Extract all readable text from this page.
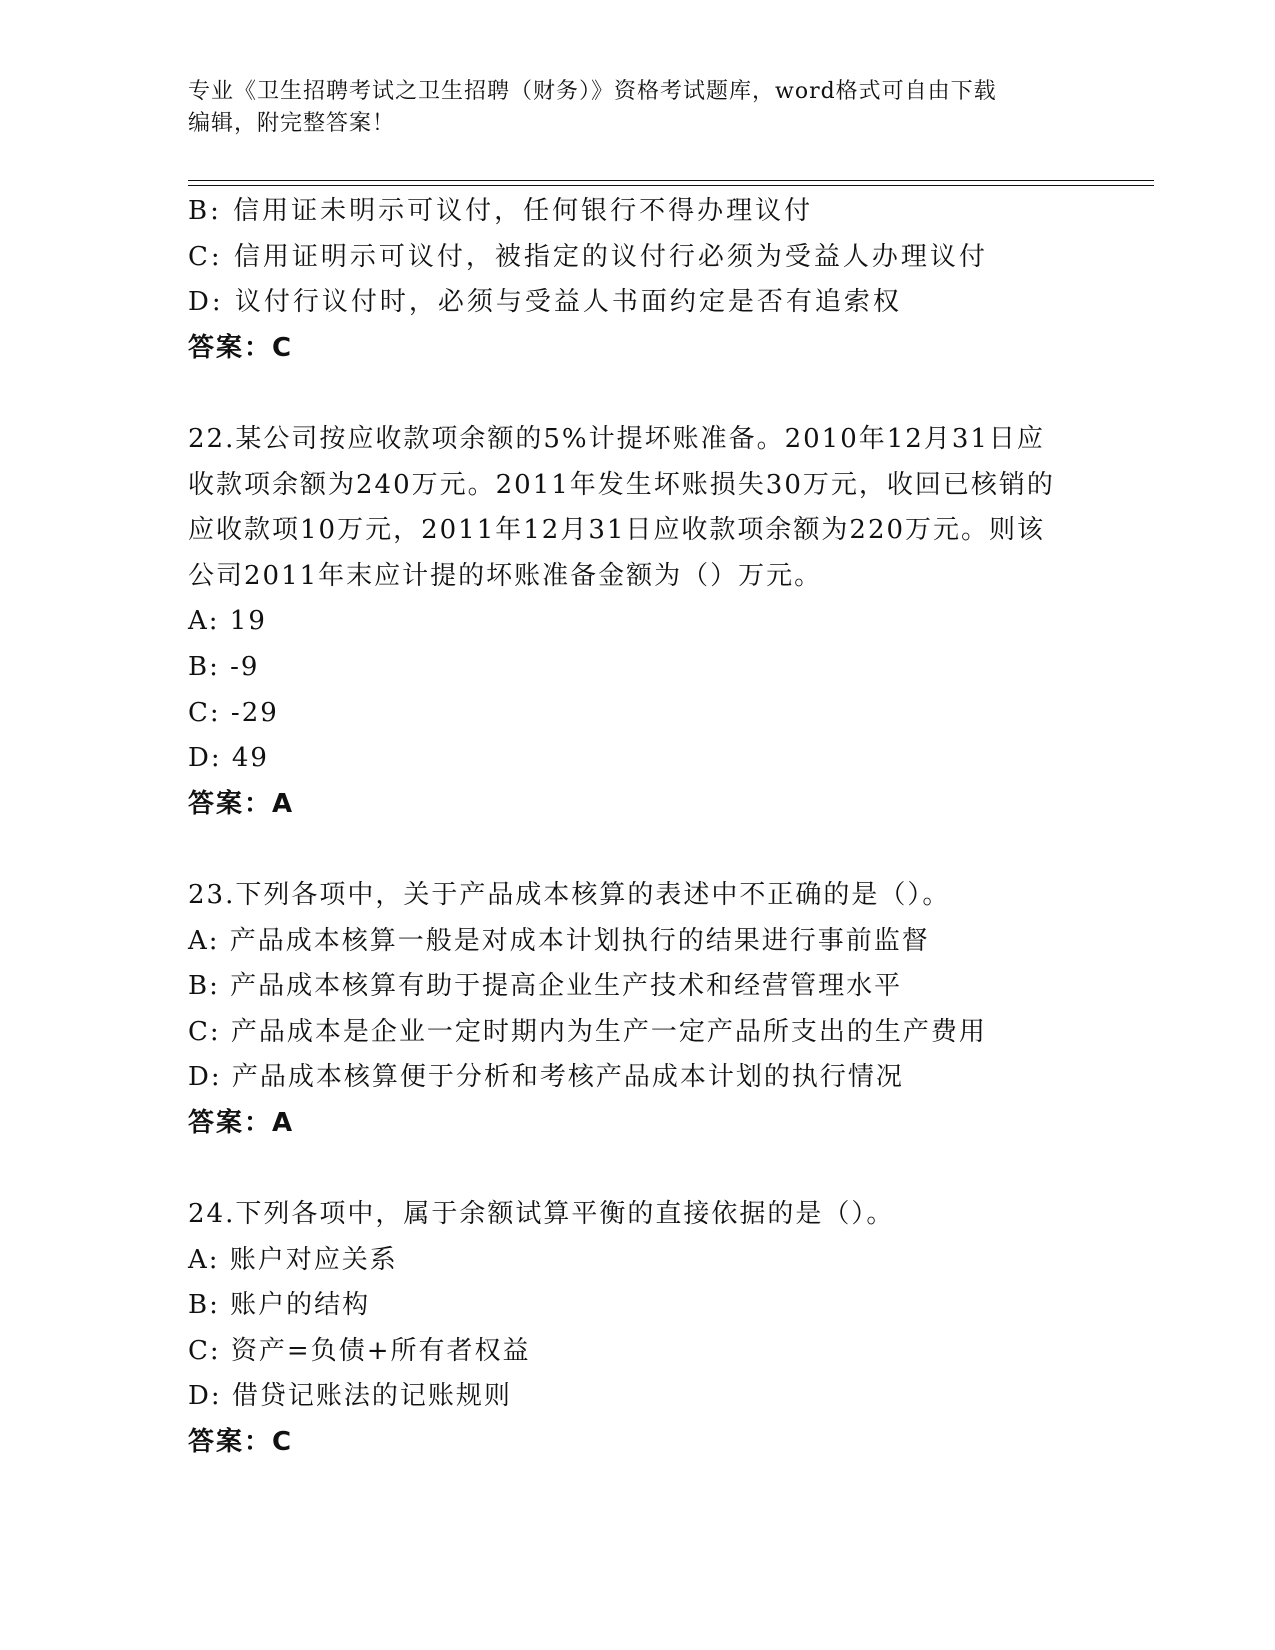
专业《卫生招聘考试之卫生招聘（财务）》资格考试题库，word格式可自由下载
编辑，附完整答案！
B: 信用证未明示可议付，任何银行不得办理议付
C: 信用证明示可议付，被指定的议付行必须为受益人办理议付
D: 议付行议付时，必须与受益人书面约定是否有追索权
答案：C
22.某公司按应收款项余额的5%计提坏账准备。2010年12月31日应
收款项余额为240万元。2011年发生坏账损失30万元，收回已核销的
应收款项10万元，2011年12月31日应收款项余额为220万元。则该
公司2011年末应计提的坏账准备金额为（）万元。
A: 19
B: -9
C: -29
D: 49
答案：A
23.下列各项中，关于产品成本核算的表述中不正确的是（）。
A: 产品成本核算一般是对成本计划执行的结果进行事前监督
B: 产品成本核算有助于提高企业生产技术和经营管理水平
C: 产品成本是企业一定时期内为生产一定产品所支出的生产费用
D: 产品成本核算便于分析和考核产品成本计划的执行情况
答案：A
24.下列各项中，属于余额试算平衡的直接依据的是（）。
A: 账户对应关系
B: 账户的结构
C: 资产=负债+所有者权益
D: 借贷记账法的记账规则
答案：C
